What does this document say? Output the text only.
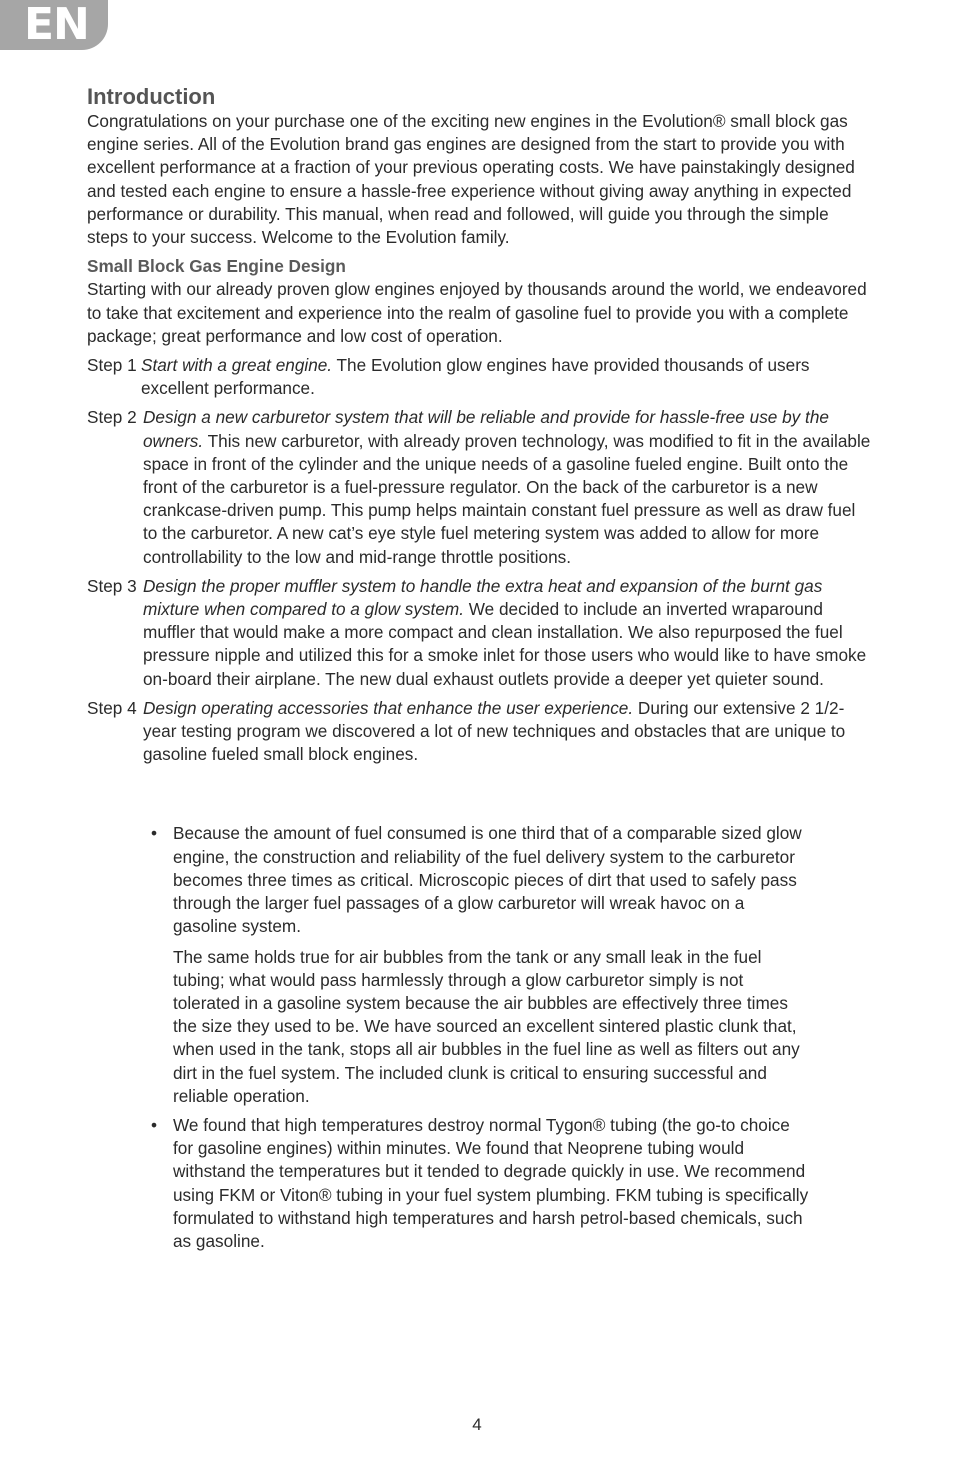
EN
Introduction

Congratulations on your purchase one of the exciting new engines in the Evolution® small block gas engine series. All of the Evolution brand gas engines are designed from the start to provide you with excellent performance at a fraction of your previous operating costs. We have painstakingly designed and tested each engine to ensure a hassle-free experience without giving away anything in expected performance or durability. This manual, when read and followed, will guide you through the simple steps to your success. Welcome to the Evolution family.

Small Block Gas Engine Design

Starting with our already proven glow engines enjoyed by thousands around the world, we endeavored to take that excitement and experience into the realm of gasoline fuel to provide you with a complete package; great performance and low cost of operation.

Step 1 Start with a great engine. The Evolution glow engines have provided thousands of users excellent performance.
Step 2 Design a new carburetor system that will be reliable and provide for hassle-free use by the owners. This new carburetor, with already proven technology, was modified to fit in the available space in front of the cylinder and the unique needs of a gasoline fueled engine. Built onto the front of the carburetor is a fuel-pressure regulator. On the back of the carburetor is a new crankcase-driven pump. This pump helps maintain constant fuel pressure as well as draw fuel to the carburetor. A new cat’s eye style fuel metering system was added to allow for more controllability to the low and mid-range throttle positions.
Step 3 Design the proper muffler system to handle the extra heat and expansion of the burnt gas mixture when compared to a glow system. We decided to include an inverted wraparound muffler that would make a more compact and clean installation. We also repurposed the fuel pressure nipple and utilized this for a smoke inlet for those users who would like to have smoke on-board their airplane. The new dual exhaust outlets provide a deeper yet quieter sound.
Step 4 Design operating accessories that enhance the user experience. During our extensive 2 1/2-year testing program we discovered a lot of new techniques and obstacles that are unique to gasoline fueled small block engines.
• Because the amount of fuel consumed is one third that of a comparable sized glow engine, the construction and reliability of the fuel delivery system to the carburetor becomes three times as critical. Microscopic pieces of dirt that used to safely pass through the larger fuel passages of a glow carburetor will wreak havoc on a gasoline system.

The same holds true for air bubbles from the tank or any small leak in the fuel tubing; what would pass harmlessly through a glow carburetor simply is not tolerated in a gasoline system because the air bubbles are effectively three times the size they used to be. We have sourced an excellent sintered plastic clunk that, when used in the tank, stops all air bubbles in the fuel line as well as filters out any dirt in the fuel system. The included clunk is critical to ensuring successful and reliable operation.

• We found that high temperatures destroy normal Tygon® tubing (the go-to choice for gasoline engines) within minutes. We found that Neoprene tubing would withstand the temperatures but it tended to degrade quickly in use. We recommend using FKM or Viton® tubing in your fuel system plumbing. FKM tubing is specifically formulated to withstand high temperatures and harsh petrol-based chemicals, such as gasoline.

4
